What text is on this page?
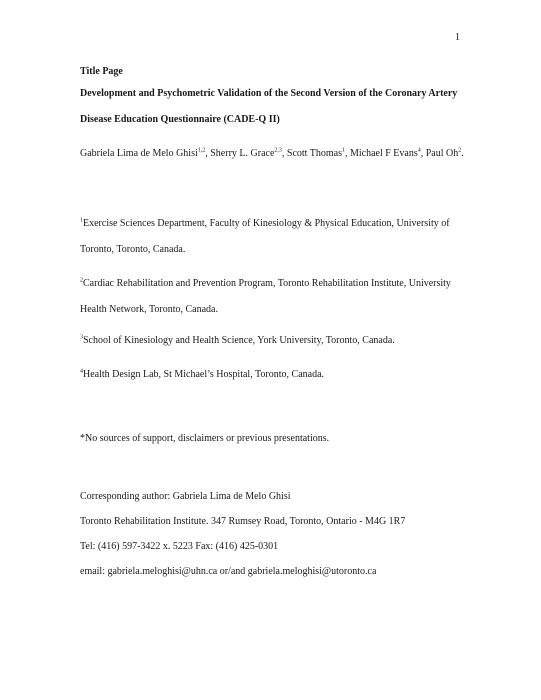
1

Title Page

Development and Psychometric Validation of the Second Version of the Coronary Artery Disease Education Questionnaire (CADE-Q II)

Gabriela Lima de Melo Ghisi$^{1,2}$, Sherry L. Grace$^{2,3}$, Scott Thomas$^1$, Michael F Evans$^4$, Paul Oh$^2$.

$^1$Exercise Sciences Department, Faculty of Kinesiology & Physical Education, University of Toronto, Toronto, Canada.

$^2$Cardiac Rehabilitation and Prevention Program, Toronto Rehabilitation Institute, University Health Network, Toronto, Canada.

$^3$School of Kinesiology and Health Science, York University, Toronto, Canada.

$^4$Health Design Lab, St Michael’s Hospital, Toronto, Canada.

*No sources of support, disclaimers or previous presentations.

Corresponding author: Gabriela Lima de Melo Ghisi

Toronto Rehabilitation Institute. 347 Rumsey Road, Toronto, Ontario - M4G 1R7

Tel: (416) 597-3422 x. 5223 Fax: (416) 425-0301

email: gabriela.meloghisi@uhn.ca or/and gabriela.meloghisi@utoronto.ca
